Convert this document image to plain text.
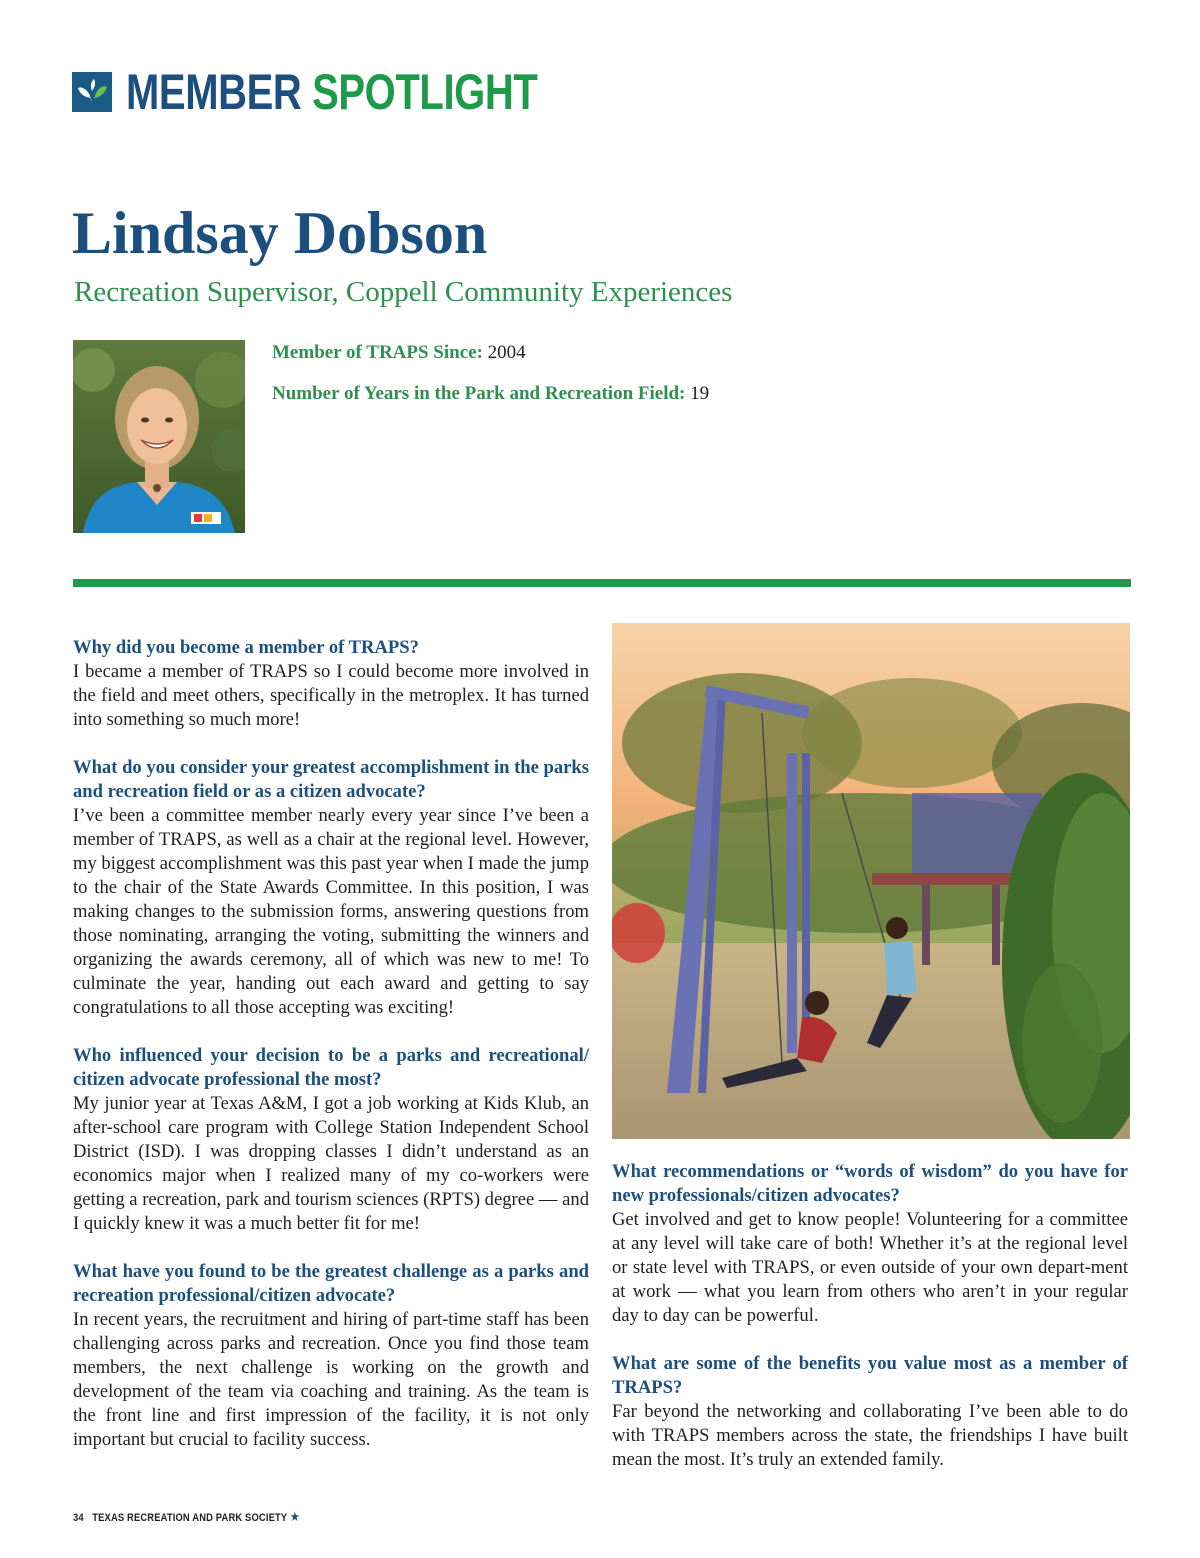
MEMBER SPOTLIGHT
Lindsay Dobson

Recreation Supervisor, Coppell Community Experiences

Member of TRAPS Since: 2004
Number of Years in the Park and Recreation Field: 19

Why did you become a member of TRAPS?

I became a member of TRAPS so I could become more involved in the field and meet others, specifically in the metroplex. It has turned into something so much more!

What do you consider your greatest accomplishment in the parks and recreation field or as a citizen advocate?

I’ve been a committee member nearly every year since I’ve been a member of TRAPS, as well as a chair at the regional level. However, my biggest accomplishment was this past year when I made the jump to the chair of the State Awards Committee. In this position, I was making changes to the submission forms, answering questions from those nominating, arranging the voting, submitting the winners and organizing the awards ceremony, all of which was new to me! To culminate the year, handing out each award and getting to say congratulations to all those accepting was exciting!

Who influenced your decision to be a parks and recreational/ citizen advocate professional the most?

My junior year at Texas A&M, I got a job working at Kids Klub, an after-school care program with College Station Independent School District (ISD). I was dropping classes I didn’t understand as an economics major when I realized many of my co-workers were getting a recreation, park and tourism sciences (RPTS) degree — and I quickly knew it was a much better fit for me!

What have you found to be the greatest challenge as a parks and recreation professional/citizen advocate?

In recent years, the recruitment and hiring of part-time staff has been challenging across parks and recreation. Once you find those team members, the next challenge is working on the growth and development of the team via coaching and training. As the team is the front line and first impression of the facility, it is not only important but crucial to facility success.

What recommendations or “words of wisdom” do you have for new professionals/citizen advocates?

Get involved and get to know people! Volunteering for a committee at any level will take care of both! Whether it’s at the regional level or state level with TRAPS, or even outside of your own depart-ment at work — what you learn from others who aren’t in your regular day to day can be powerful.

What are some of the benefits you value most as a member of TRAPS?

Far beyond the networking and collaborating I’ve been able to do with TRAPS members across the state, the friendships I have built mean the most. It’s truly an extended family.

34 TEXAS RECREATION AND PARK SOCIETY ★
